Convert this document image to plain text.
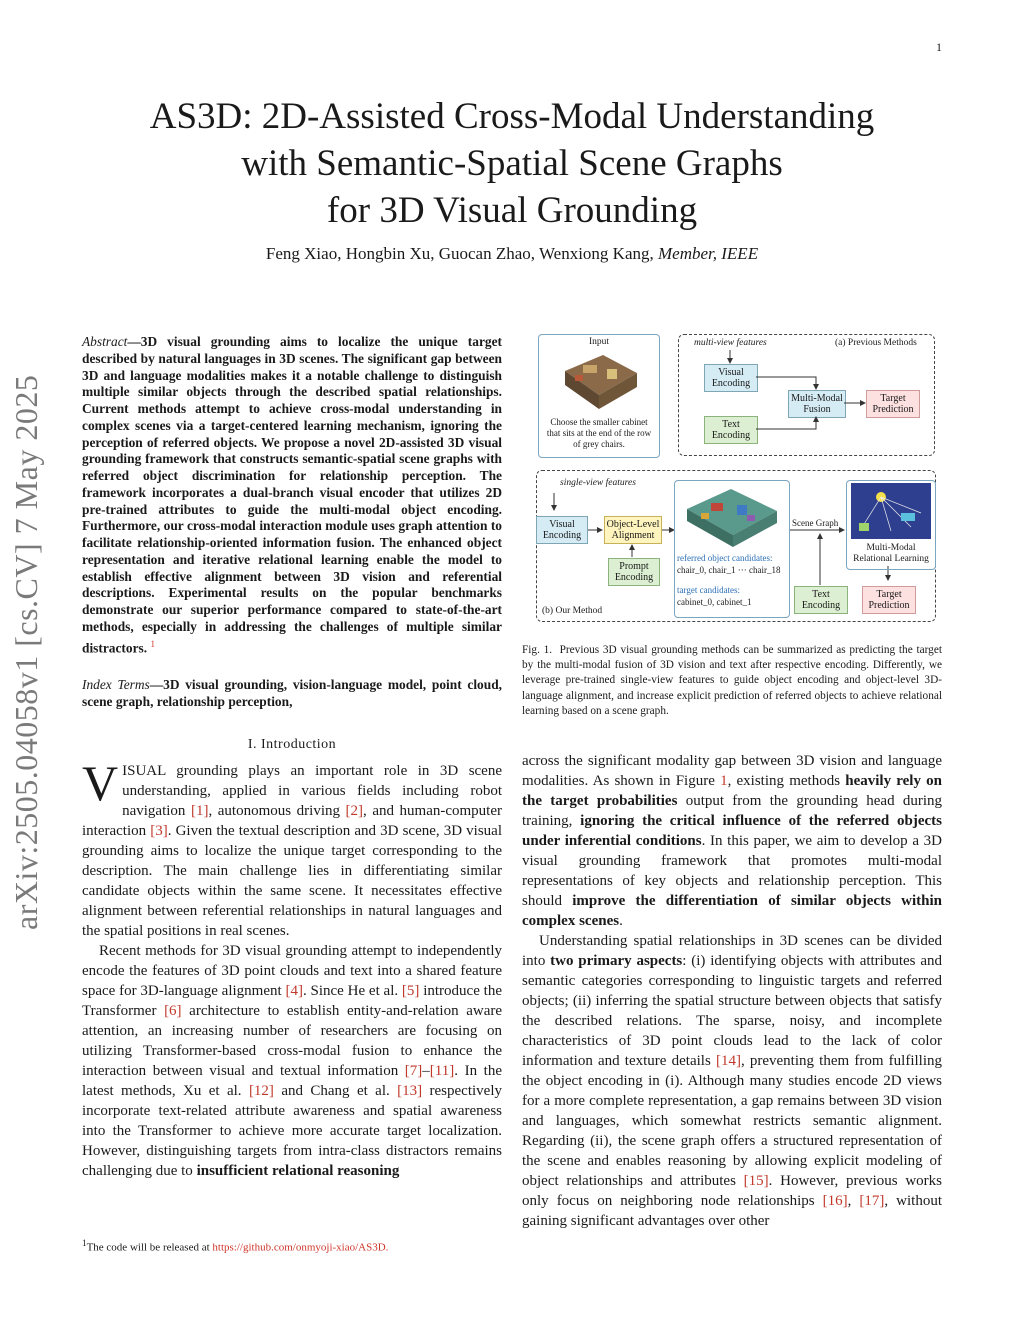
1
arXiv:2505.04058v1 [cs.CV] 7 May 2025
AS3D: 2D-Assisted Cross-Modal Understanding
with Semantic-Spatial Scene Graphs
for 3D Visual Grounding
Feng Xiao, Hongbin Xu, Guocan Zhao, Wenxiong Kang, Member, IEEE
Abstract—3D visual grounding aims to localize the unique target described by natural languages in 3D scenes. The significant gap between 3D and language modalities makes it a notable challenge to distinguish multiple similar objects through the described spatial relationships. Current methods attempt to achieve cross-modal understanding in complex scenes via a target-centered learning mechanism, ignoring the perception of referred objects. We propose a novel 2D-assisted 3D visual grounding framework that constructs semantic-spatial scene graphs with referred object discrimination for relationship perception. The framework incorporates a dual-branch visual encoder that utilizes 2D pre-trained attributes to guide the multi-modal object encoding. Furthermore, our cross-modal interaction module uses graph attention to facilitate relationship-oriented information fusion. The enhanced object representation and iterative relational learning enable the model to establish effective alignment between 3D vision and referential descriptions. Experimental results on the popular benchmarks demonstrate our superior performance compared to state-of-the-art methods, especially in addressing the challenges of multiple similar distractors. $^1$
Index Terms—3D visual grounding, vision-language model, point cloud, scene graph, relationship perception,
I. Introduction

VISUAL grounding plays an important role in 3D scene understanding, applied in various fields including robot navigation [1], autonomous driving [2], and human-computer interaction [3]. Given the textual description and 3D scene, 3D visual grounding aims to localize the unique target corresponding to the description. The main challenge lies in differentiating similar candidate objects within the same scene. It necessitates effective alignment between referential relationships in natural languages and the spatial positions in real scenes.

Recent methods for 3D visual grounding attempt to independently encode the features of 3D point clouds and text into a shared feature space for 3D-language alignment [4]. Since He et al. [5] introduce the Transformer [6] architecture to establish entity-and-relation aware attention, an increasing number of researchers are focusing on utilizing Transformer-based cross-modal fusion to enhance the interaction between visual and textual information [7]–[11]. In the latest methods, Xu et al. [12] and Chang et al. [13] respectively incorporate text-related attribute awareness and spatial awareness into the Transformer to achieve more accurate target localization. However, distinguishing targets from intra-class distractors remains challenging due to insufficient relational reasoning

$^1$The code will be released at https://github.com/onmyoji-xiao/AS3D.
Input
Choose the smaller cabinet that sits at the end of the row of grey chairs.
multi-view features	(a) Previous Methods
Visual Encoding
Text Encoding
Multi-Modal Fusion
Target Prediction
single-view features
Visual Encoding
Object-Level Alignment
Prompt Encoding
referred object candidates:
chair_0, chair_1 ··· chair_18
target candidates:
cabinet_0, cabinet_1
Scene Graph
Multi-Modal Relational Learning
Text Encoding
Target Prediction
(b) Our Method
Fig. 1. Previous 3D visual grounding methods can be summarized as predicting the target by the multi-modal fusion of 3D vision and text after respective encoding. Differently, we leverage pre-trained single-view features to guide object encoding and object-level 3D-language alignment, and increase explicit prediction of referred objects to achieve relational learning based on a scene graph.

across the significant modality gap between 3D vision and language modalities. As shown in Figure 1, existing methods heavily rely on the target probabilities output from the grounding head during training, ignoring the critical influence of the referred objects under inferential conditions. In this paper, we aim to develop a 3D visual grounding framework that promotes multi-modal representations of key objects and relationship perception. This should improve the differentiation of similar objects within complex scenes.

Understanding spatial relationships in 3D scenes can be divided into two primary aspects: (i) identifying objects with attributes and semantic categories corresponding to linguistic targets and referred objects; (ii) inferring the spatial structure between objects that satisfy the described relations. The sparse, noisy, and incomplete characteristics of 3D point clouds lead to the lack of color information and texture details [14], preventing them from fulfilling the object encoding in (i). Although many studies encode 2D views for a more complete representation, a gap remains between 3D vision and languages, which somewhat restricts semantic alignment. Regarding (ii), the scene graph offers a structured representation of the scene and enables reasoning by allowing explicit modeling of object relationships and attributes [15]. However, previous works only focus on neighboring node relationships [16], [17], without gaining significant advantages over other
